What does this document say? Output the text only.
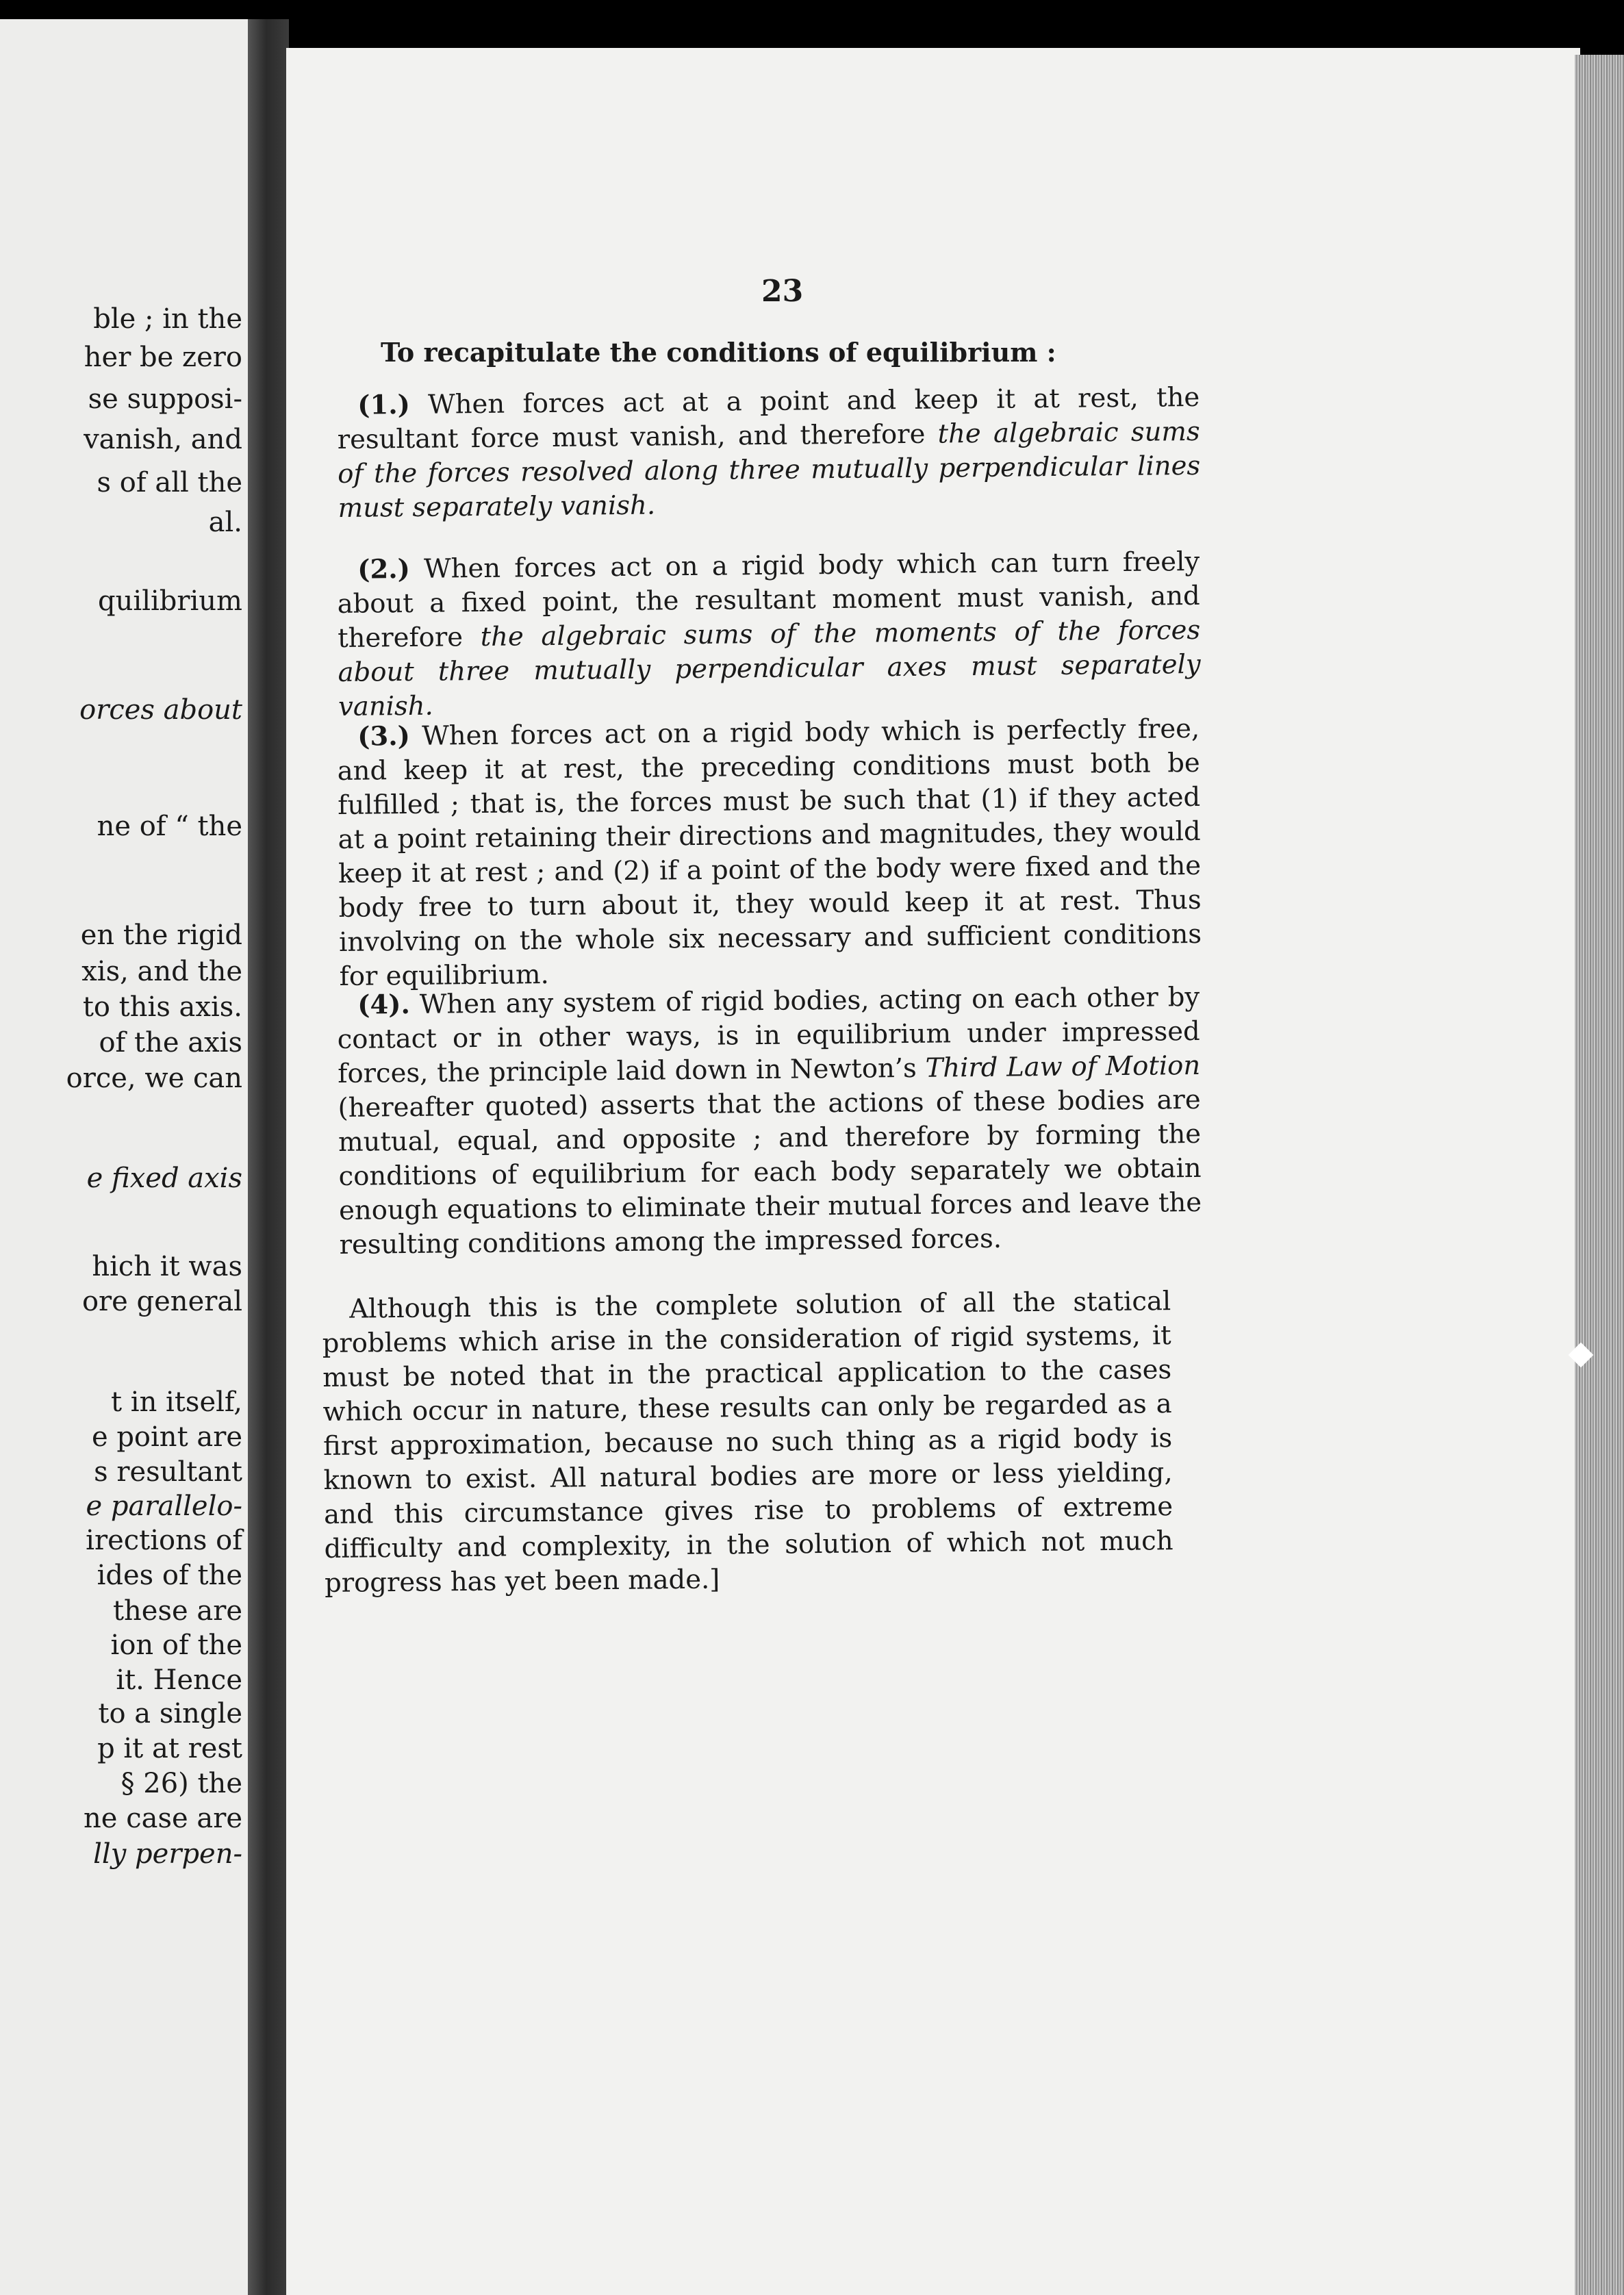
ble ; in the
her be zero
se supposi-
vanish, and
s of all the
al.
quilibrium
orces about
ne of “ the
en the rigid
xis, and the
to this axis.
of the axis
orce, we can
e fixed axis
hich it was
ore general
t in itself,
e point are
s resultant
e parallelo-
irections of
ides of the
these are
ion of the
it. Hence
to a single
p it at rest
§ 26) the
ne case are
lly perpen-
23
To recapitulate the conditions of equilibrium :
(1.) When forces act at a point and keep it at rest, the resultant force must vanish, and therefore the algebraic sums of the forces resolved along three mutually perpendicular lines must separately vanish.
(2.) When forces act on a rigid body which can turn freely about a fixed point, the resultant moment must vanish, and therefore the algebraic sums of the moments of the forces about three mutually perpendicular axes must separately vanish.
(3.) When forces act on a rigid body which is perfectly free, and keep it at rest, the preceding conditions must both be fulfilled ; that is, the forces must be such that (1) if they acted at a point retaining their directions and magnitudes, they would keep it at rest ; and (2) if a point of the body were fixed and the body free to turn about it, they would keep it at rest. Thus involving on the whole six necessary and sufficient conditions for equilibrium.
(4). When any system of rigid bodies, acting on each other by contact or in other ways, is in equilibrium under impressed forces, the principle laid down in Newton’s Third Law of Motion (hereafter quoted) asserts that the actions of these bodies are mutual, equal, and opposite ; and therefore by forming the conditions of equilibrium for each body separately we obtain enough equations to eliminate their mutual forces and leave the resulting conditions among the impressed forces.
Although this is the complete solution of all the statical problems which arise in the consideration of rigid systems, it must be noted that in the practical application to the cases which occur in nature, these results can only be regarded as a first approximation, because no such thing as a rigid body is known to exist. All natural bodies are more or less yielding, and this circumstance gives rise to problems of extreme difficulty and complexity, in the solution of which not much progress has yet been made.]
